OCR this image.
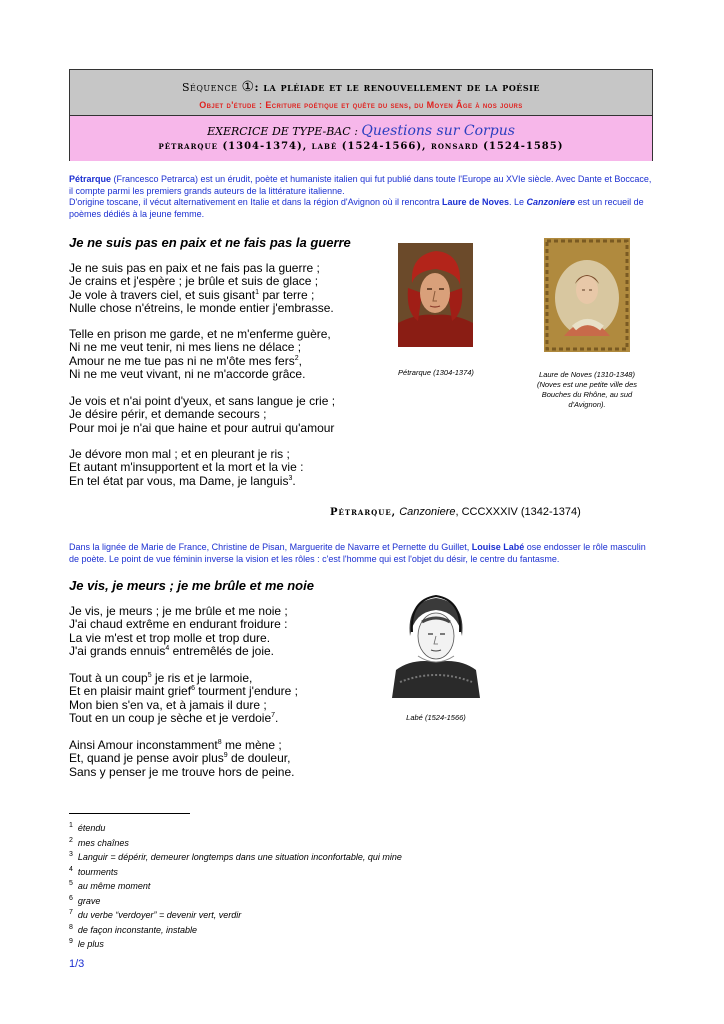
Séquence ①: la pléiade et le renouvellement de la poésie
Objet d'étude : Ecriture poétique et quête du sens, du Moyen Âge à nos jours
EXERCICE DE TYPE-BAC : Questions sur Corpus
pétrarque (1304-1374), labé (1524-1566), ronsard (1524-1585)
Pétrarque (Francesco Petrarca) est un érudit, poète et humaniste italien qui fut publié dans toute l'Europe au XVIe siècle. Avec Dante et Boccace, il compte parmi les premiers grands auteurs de la littérature italienne.
D'origine toscane, il vécut alternativement en Italie et dans la région d'Avignon où il rencontra Laure de Noves. Le Canzoniere est un recueil de poèmes dédiés à la jeune femme.
Je ne suis pas en paix et ne fais pas la guerre
Je ne suis pas en paix et ne fais pas la guerre ;
Je crains et j'espère ; je brûle et suis de glace ;
Je vole à travers ciel, et suis gisant$^1$ par terre ;
Nulle chose n'étreins, le monde entier j'embrasse.
Telle en prison me garde, et ne m'enferme guère,
Ni ne me veut tenir, ni mes liens ne délace ;
Amour ne me tue pas ni ne m'ôte mes fers$^2$,
Ni ne me veut vivant, ni ne m'accorde grâce.
Je vois et n'ai point d'yeux, et sans langue je crie ;
Je désire périr, et demande secours ;
Pour moi je n'ai que haine et pour autrui qu'amour
Je dévore mon mal ; et en pleurant je ris ;
Et autant m'insupportent et la mort et la vie :
En tel état par vous, ma Dame, je languis$^3$.
Pétrarque, Canzoniere, CCCXXXIV (1342-1374)
Pétrarque (1304-1374)	Laure de Noves (1310-1348)
(Noves est une petite ville des
Bouches du Rhône, au sud
d'Avignon).
Dans la lignée de Marie de France, Christine de Pisan, Marguerite de Navarre et Pernette du Guillet, Louise Labé ose endosser le rôle masculin de poète. Le point de vue féminin inverse la vision et les rôles : c'est l'homme qui est l'objet du désir, le centre du fantasme.
Je vis, je meurs ; je me brûle et me noie
Je vis, je meurs ; je me brûle et me noie ;
J'ai chaud extrême en endurant froidure :
La vie m'est et trop molle et trop dure.
J'ai grands ennuis$^4$ entremêlés de joie.
Tout à un coup$^5$ je ris et je larmoie,
Et en plaisir maint grief$^6$ tourment j'endure ;
Mon bien s'en va, et à jamais il dure ;
Tout en un coup je sèche et je verdoie$^7$.
Ainsi Amour inconstamment$^8$ me mène ;
Et, quand je pense avoir plus$^9$ de douleur,
Sans y penser je me trouve hors de peine.
Labé (1524-1566)
$^1$ étendu
$^2$ mes chaînes
$^3$ Languir = dépérir, demeurer longtemps dans une situation inconfortable, qui mine
$^4$ tourments
$^5$ au même moment
$^6$ grave
$^7$ du verbe “verdoyer” = devenir vert, verdir
$^8$ de façon inconstante, instable
$^9$ le plus
1/3
